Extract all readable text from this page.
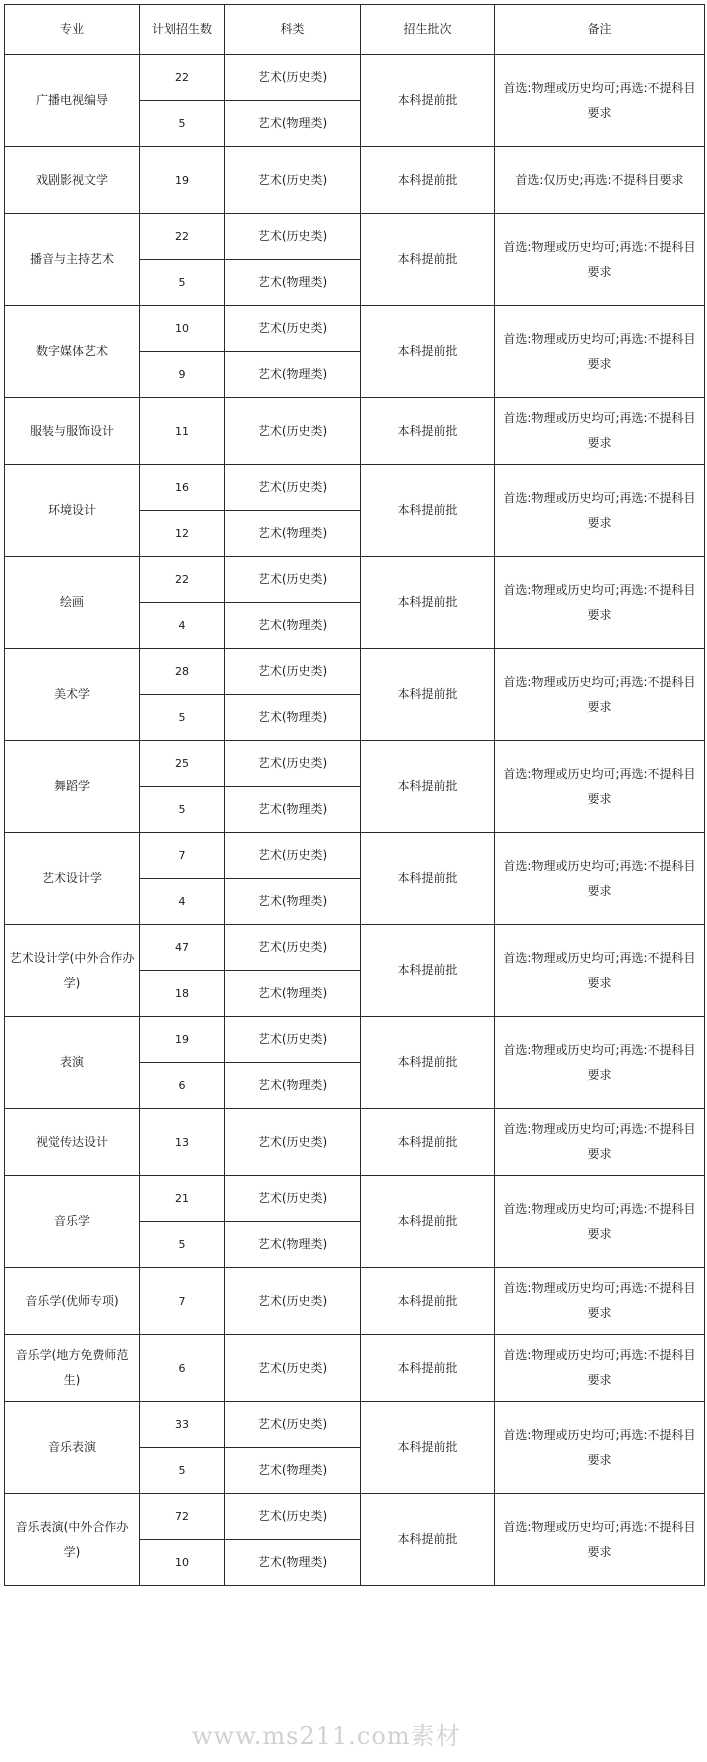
专业	计划招生数	科类	招生批次	备注
广播电视编导	22	艺术(历史类)	本科提前批	首选:物理或历史均可;再选:不提科目要求
	5	艺术(物理类)		
戏剧影视文学	19	艺术(历史类)	本科提前批	首选:仅历史;再选:不提科目要求
播音与主持艺术	22	艺术(历史类)	本科提前批	首选:物理或历史均可;再选:不提科目要求
	5	艺术(物理类)		
数字媒体艺术	10	艺术(历史类)	本科提前批	首选:物理或历史均可;再选:不提科目要求
	9	艺术(物理类)		
服装与服饰设计	11	艺术(历史类)	本科提前批	首选:物理或历史均可;再选:不提科目要求
环境设计	16	艺术(历史类)	本科提前批	首选:物理或历史均可;再选:不提科目要求
	12	艺术(物理类)		
绘画	22	艺术(历史类)	本科提前批	首选:物理或历史均可;再选:不提科目要求
	4	艺术(物理类)		
美术学	28	艺术(历史类)	本科提前批	首选:物理或历史均可;再选:不提科目要求
	5	艺术(物理类)		
舞蹈学	25	艺术(历史类)	本科提前批	首选:物理或历史均可;再选:不提科目要求
	5	艺术(物理类)		
艺术设计学	7	艺术(历史类)	本科提前批	首选:物理或历史均可;再选:不提科目要求
	4	艺术(物理类)		
艺术设计学(中外合作办学)	47	艺术(历史类)	本科提前批	首选:物理或历史均可;再选:不提科目要求
	18	艺术(物理类)		
表演	19	艺术(历史类)	本科提前批	首选:物理或历史均可;再选:不提科目要求
	6	艺术(物理类)		
视觉传达设计	13	艺术(历史类)	本科提前批	首选:物理或历史均可;再选:不提科目要求
音乐学	21	艺术(历史类)	本科提前批	首选:物理或历史均可;再选:不提科目要求
	5	艺术(物理类)		
音乐学(优师专项)	7	艺术(历史类)	本科提前批	首选:物理或历史均可;再选:不提科目要求
音乐学(地方免费师范生)	6	艺术(历史类)	本科提前批	首选:物理或历史均可;再选:不提科目要求
音乐表演	33	艺术(历史类)	本科提前批	首选:物理或历史均可;再选:不提科目要求
	5	艺术(物理类)		
音乐表演(中外合作办学)	72	艺术(历史类)	本科提前批	首选:物理或历史均可;再选:不提科目要求
	10	艺术(物理类)		
www.ms211.com素材
